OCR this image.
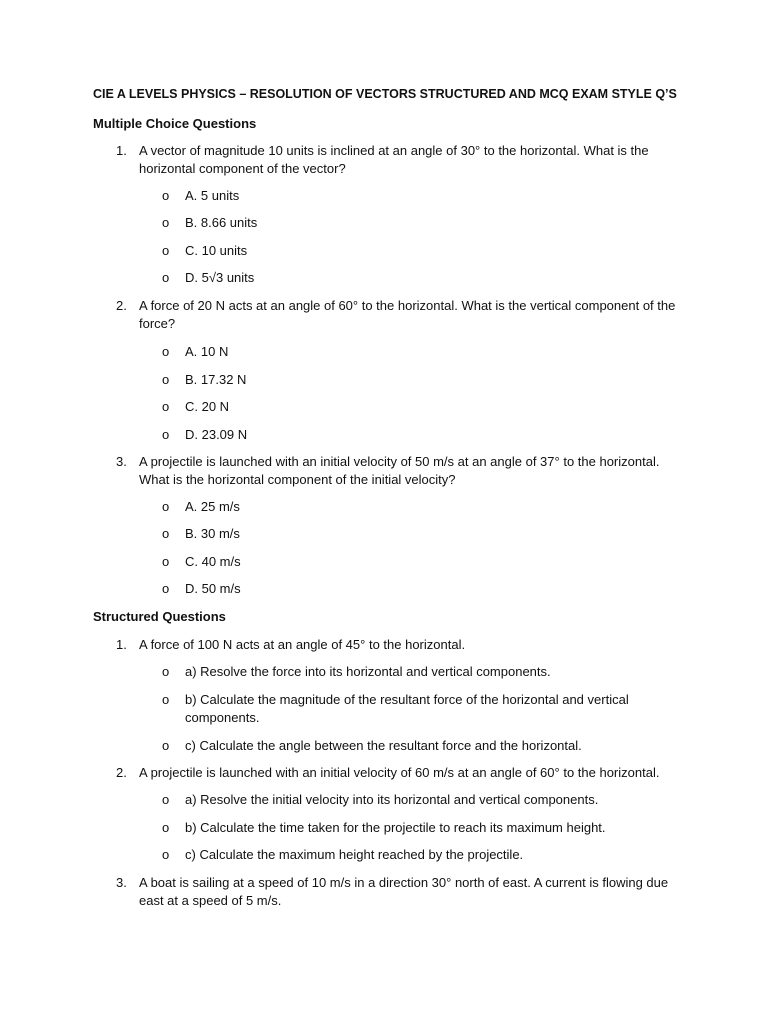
CIE A LEVELS PHYSICS – RESOLUTION OF VECTORS STRUCTURED AND MCQ EXAM STYLE Q’S
Multiple Choice Questions
1. A vector of magnitude 10 units is inclined at an angle of 30° to the horizontal. What is the horizontal component of the vector?
o A. 5 units
o B. 8.66 units
o C. 10 units
o D. 5√3 units
2. A force of 20 N acts at an angle of 60° to the horizontal. What is the vertical component of the force?
o A. 10 N
o B. 17.32 N
o C. 20 N
o D. 23.09 N
3. A projectile is launched with an initial velocity of 50 m/s at an angle of 37° to the horizontal. What is the horizontal component of the initial velocity?
o A. 25 m/s
o B. 30 m/s
o C. 40 m/s
o D. 50 m/s
Structured Questions
1. A force of 100 N acts at an angle of 45° to the horizontal.
o a) Resolve the force into its horizontal and vertical components.
o b) Calculate the magnitude of the resultant force of the horizontal and vertical components.
o c) Calculate the angle between the resultant force and the horizontal.
2. A projectile is launched with an initial velocity of 60 m/s at an angle of 60° to the horizontal.
o a) Resolve the initial velocity into its horizontal and vertical components.
o b) Calculate the time taken for the projectile to reach its maximum height.
o c) Calculate the maximum height reached by the projectile.
3. A boat is sailing at a speed of 10 m/s in a direction 30° north of east. A current is flowing due east at a speed of 5 m/s.
